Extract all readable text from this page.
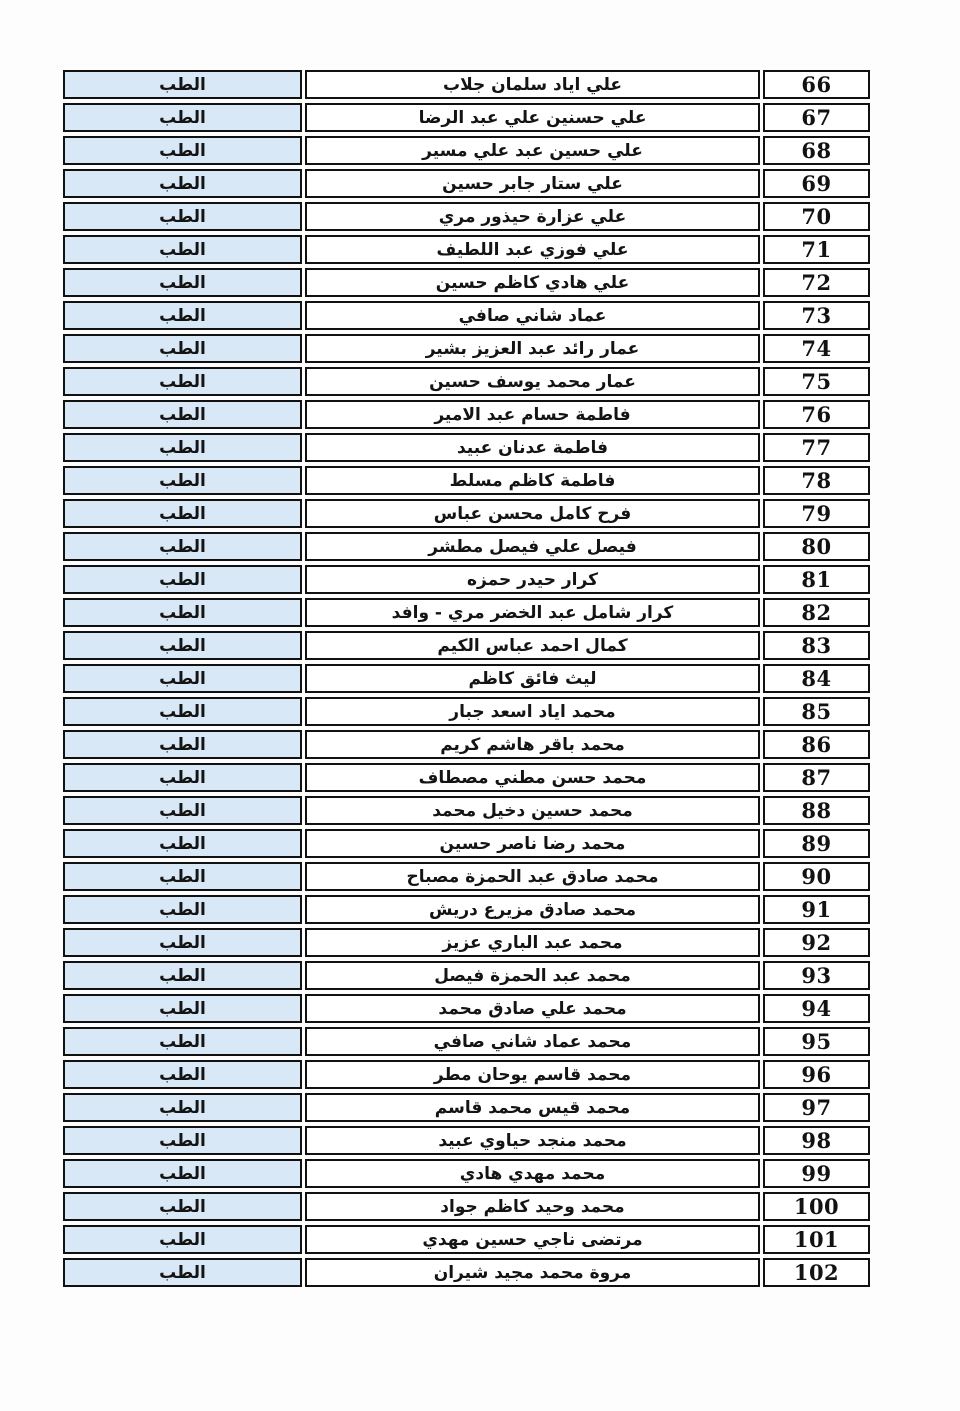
66	علي اياد سلمان جلاب	الطب
67	علي حسنين علي عبد الرضا	الطب
68	علي حسين عبد علي مسير	الطب
69	علي ستار جابر حسين	الطب
70	علي عزارة حيذور مري	الطب
71	علي فوزي عبد اللطيف	الطب
72	علي هادي كاظم حسين	الطب
73	عماد شاني صافي	الطب
74	عمار رائد عبد العزيز بشير	الطب
75	عمار محمد يوسف حسين	الطب
76	فاطمة حسام عبد الامير	الطب
77	فاطمة عدنان عبيد	الطب
78	فاطمة كاظم مسلط	الطب
79	فرح كامل محسن عباس	الطب
80	فيصل علي فيصل مطشر	الطب
81	كرار حيدر حمزه	الطب
82	كرار شامل عبد الخضر مري - وافد	الطب
83	كمال احمد عباس الكيم	الطب
84	ليث فائق كاظم	الطب
85	محمد اياد اسعد جبار	الطب
86	محمد باقر هاشم كريم	الطب
87	محمد حسن مطني مصطاف	الطب
88	محمد حسين دخيل محمد	الطب
89	محمد رضا ناصر حسين	الطب
90	محمد صادق عبد الحمزة مصباح	الطب
91	محمد صادق مزيرع دريش	الطب
92	محمد عبد الباري عزيز	الطب
93	محمد عبد الحمزة فيصل	الطب
94	محمد علي صادق محمد	الطب
95	محمد عماد شاني صافي	الطب
96	محمد قاسم يوحان مطر	الطب
97	محمد قيس محمد قاسم	الطب
98	محمد منجد حياوي عبيد	الطب
99	محمد مهدي هادي	الطب
100	محمد وحيد كاظم جواد	الطب
101	مرتضى ناجي حسين مهدي	الطب
102	مروة محمد مجيد شيران	الطب
